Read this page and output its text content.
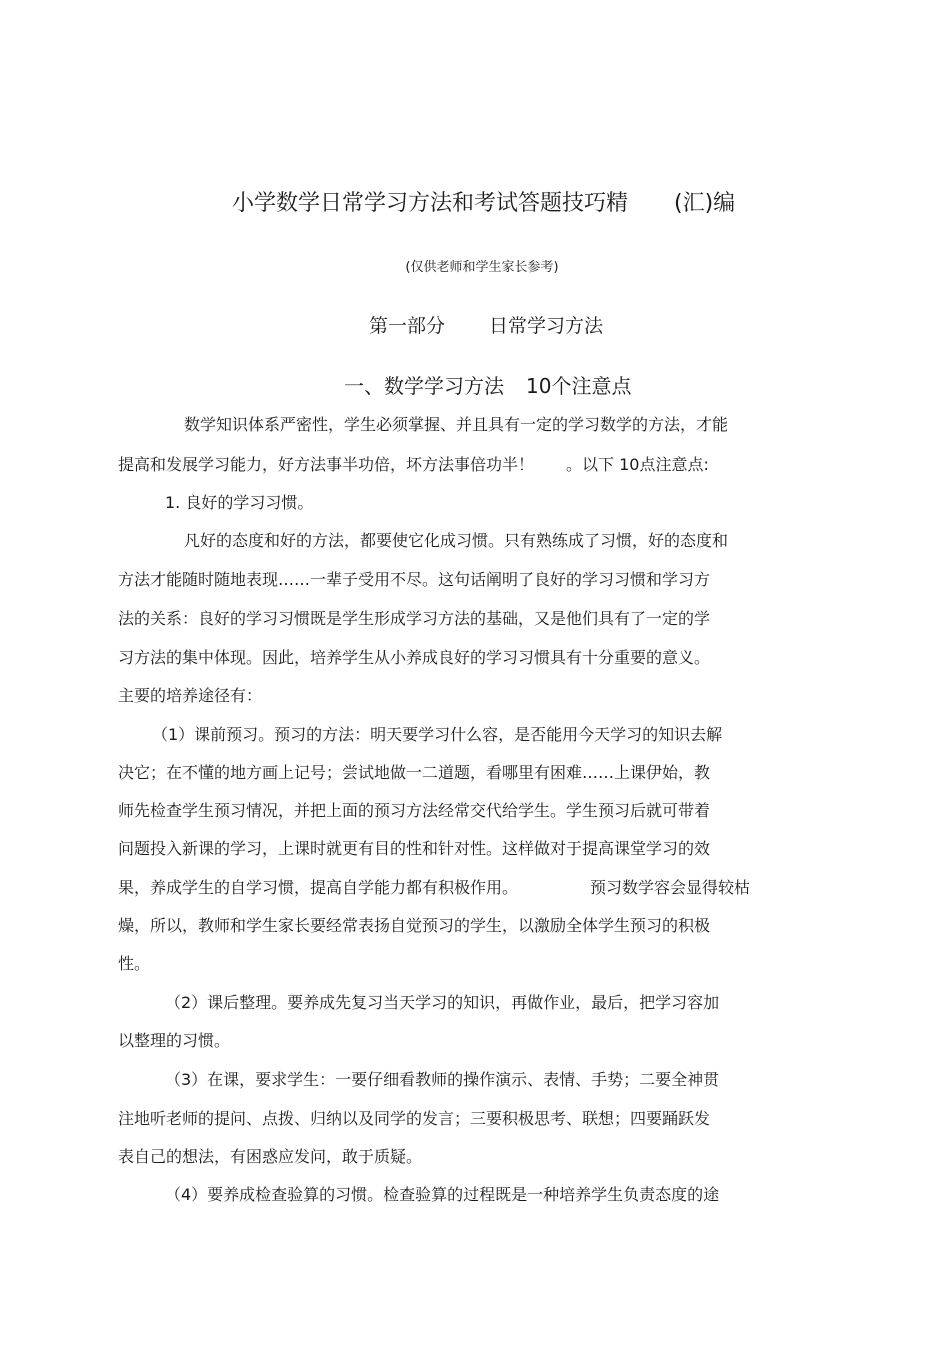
小学数学日常学习方法和考试答题技巧精 (汇)编
(仅供老师和学生家长参考)
第一部分 日常学习方法
一、数学学习方法 10个注意点

数学知识体系严密性，学生必须掌握、并且具有一定的学习数学的方法，才能

提高和发展学习能力，好方法事半功倍，坏方法事倍功半！　　。以下 10点注意点:

1. 良好的学习习惯。

凡好的态度和好的方法，都要使它化成习惯。只有熟练成了习惯，好的态度和

方法才能随时随地表现……一辈子受用不尽。这句话阐明了良好的学习习惯和学习方

法的关系：良好的学习习惯既是学生形成学习方法的基础，又是他们具有了一定的学

习方法的集中体现。因此，培养学生从小养成良好的学习习惯具有十分重要的意义。

主要的培养途径有：

（1）课前预习。预习的方法：明天要学习什么容，是否能用今天学习的知识去解

决它；在不懂的地方画上记号；尝试地做一二道题，看哪里有困难……上课伊始，教

师先检查学生预习情况，并把上面的预习方法经常交代给学生。学生预习后就可带着

问题投入新课的学习，上课时就更有目的性和针对性。这样做对于提高课堂学习的效

果，养成学生的自学习惯，提高自学能力都有积极作用。　　　　　预习数学容会显得较枯

燥，所以，教师和学生家长要经常表扬自觉预习的学生，以激励全体学生预习的积极

性。

（2）课后整理。要养成先复习当天学习的知识，再做作业，最后，把学习容加

以整理的习惯。

（3）在课，要求学生：一要仔细看教师的操作演示、表情、手势；二要全神贯

注地听老师的提问、点拨、归纳以及同学的发言；三要积极思考、联想；四要踊跃发

表自己的想法，有困惑应发问，敢于质疑。

（4）要养成检查验算的习惯。检查验算的过程既是一种培养学生负责态度的途
